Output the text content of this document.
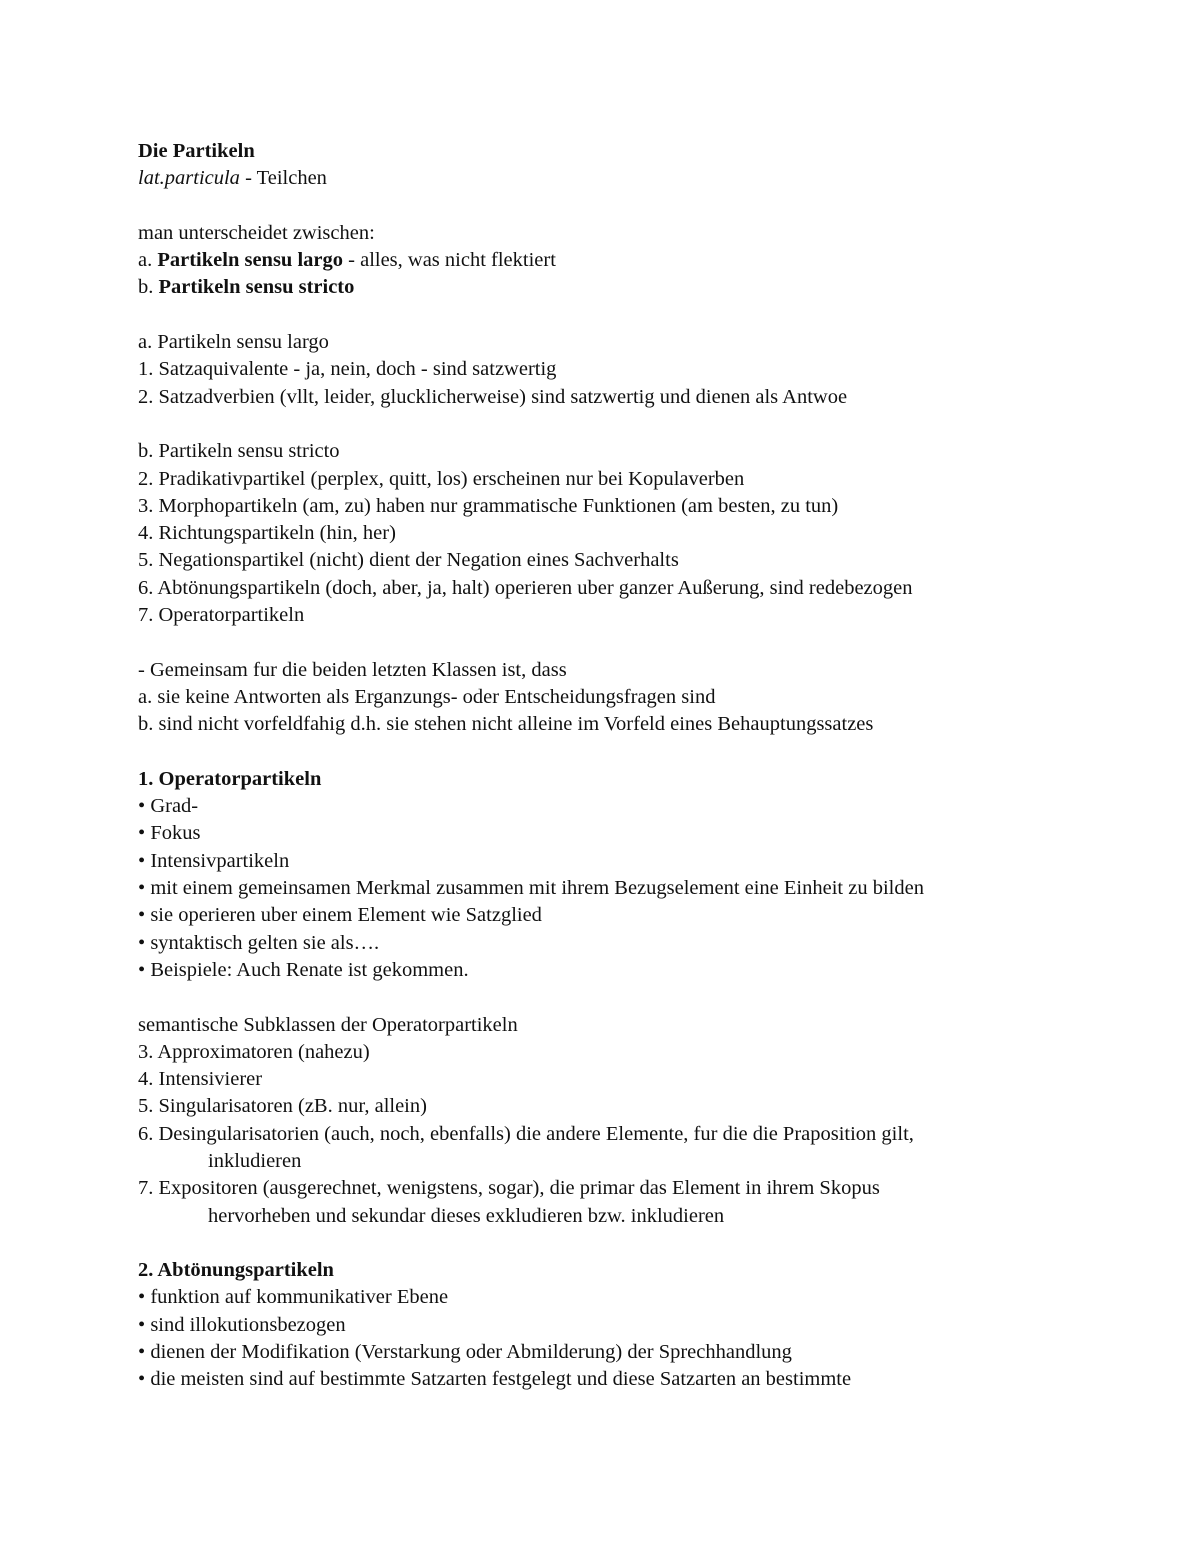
Die Partikeln
lat.particula - Teilchen
man unterscheidet zwischen:
a. Partikeln sensu largo - alles, was nicht flektiert
b. Partikeln sensu stricto
a. Partikeln sensu largo
1. Satzaquivalente - ja, nein, doch - sind satzwertig
2. Satzadverbien (vllt, leider, glucklicherweise) sind satzwertig und dienen als Antwoe
b. Partikeln sensu stricto
2. Pradikativpartikel (perplex, quitt, los) erscheinen nur bei Kopulaverben
3. Morphopartikeln (am, zu) haben nur grammatische Funktionen (am besten, zu tun)
4. Richtungspartikeln (hin, her)
5. Negationspartikel (nicht) dient der Negation eines Sachverhalts
6. Abtönungspartikeln (doch, aber, ja, halt) operieren uber ganzer Außerung, sind redebezogen
7. Operatorpartikeln
- Gemeinsam fur die beiden letzten Klassen ist, dass
a. sie keine Antworten als Erganzungs- oder Entscheidungsfragen sind
b. sind nicht vorfeldfahig d.h. sie stehen nicht alleine im Vorfeld eines Behauptungssatzes
1. Operatorpartikeln
• Grad-
• Fokus
• Intensivpartikeln
• mit einem gemeinsamen Merkmal zusammen mit ihrem Bezugselement eine Einheit zu bilden
• sie operieren uber einem Element wie Satzglied
• syntaktisch gelten sie als….
• Beispiele: Auch Renate ist gekommen.
semantische Subklassen der Operatorpartikeln
3. Approximatoren (nahezu)
4. Intensivierer
5. Singularisatoren (zB. nur, allein)
6. Desingularisatorien (auch, noch, ebenfalls) die andere Elemente, fur die die Praposition gilt,
inkludieren
7. Expositoren (ausgerechnet, wenigstens, sogar), die primar das Element in ihrem Skopus
hervorheben und sekundar dieses exkludieren bzw. inkludieren
2. Abtönungspartikeln
• funktion auf kommunikativer Ebene
• sind illokutionsbezogen
• dienen der Modifikation (Verstarkung oder Abmilderung) der Sprechhandlung
• die meisten sind auf bestimmte Satzarten festgelegt und diese Satzarten an bestimmte
